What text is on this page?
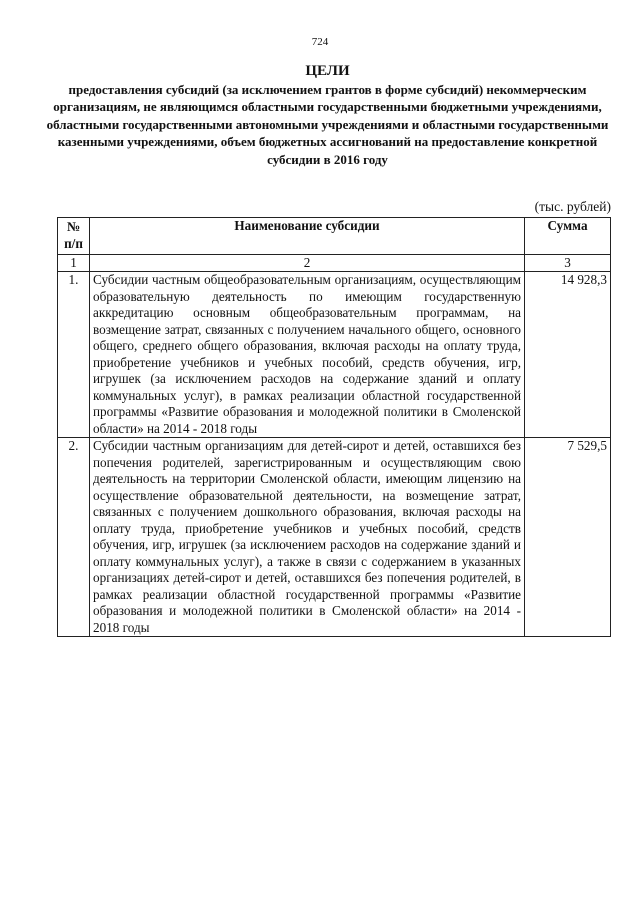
724
ЦЕЛИ
предоставления субсидий (за исключением грантов в форме субсидий) некоммерческим организациям, не являющимся областными государственными бюджетными учреждениями, областными государственными автономными учреждениями и областными государственными казенными учреждениями, объем бюджетных ассигнований на предоставление конкретной субсидии в 2016 году
(тыс. рублей)
№ п/п	Наименование субсидии	Сумма
1	2	3
1.	Субсидии частным общеобразовательным организациям, осуществляющим образовательную деятельность по имеющим государственную аккредитацию основным общеобразовательным программам, на возмещение затрат, связанных с получением начального общего, основного общего, среднего общего образования, включая расходы на оплату труда, приобретение учебников и учебных пособий, средств обучения, игр, игрушек (за исключением расходов на содержание зданий и оплату коммунальных услуг), в рамках реализации областной государственной программы «Развитие образования и молодежной политики в Смоленской области» на 2014 - 2018 годы	14 928,3
2.	Субсидии частным организациям для детей-сирот и детей, оставшихся без попечения родителей, зарегистрированным и осуществляющим свою деятельность на территории Смоленской области, имеющим лицензию на осуществление образовательной деятельности, на возмещение затрат, связанных с получением дошкольного образования, включая расходы на оплату труда, приобретение учебников и учебных пособий, средств обучения, игр, игрушек (за исключением расходов на содержание зданий и оплату коммунальных услуг), а также в связи с содержанием в указанных организациях детей-сирот и детей, оставшихся без попечения родителей, в рамках реализации областной государственной программы «Развитие образования и молодежной политики в Смоленской области» на 2014 - 2018 годы	7 529,5
